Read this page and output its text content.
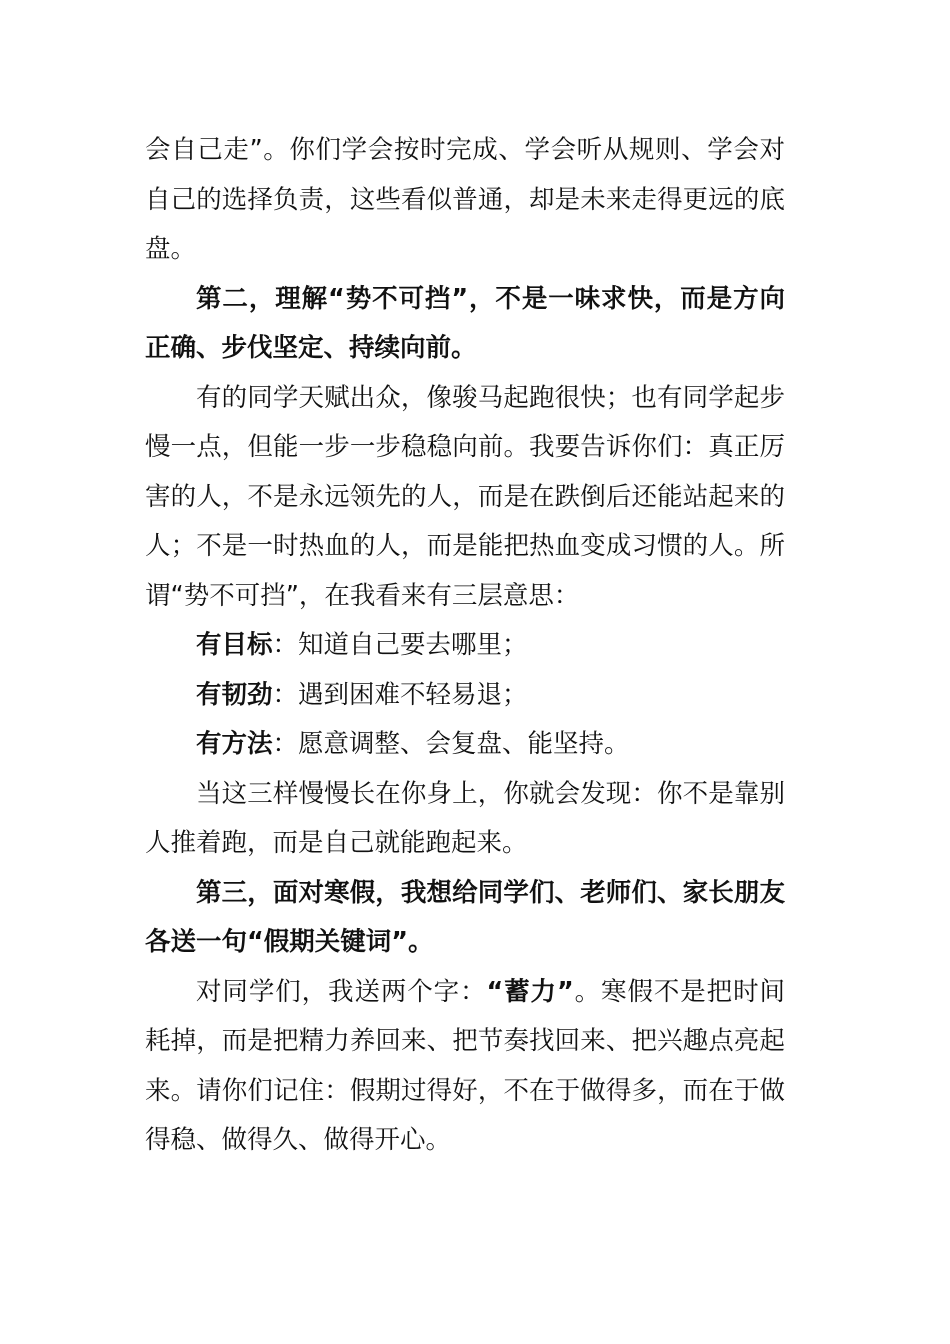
会自己走”。你们学会按时完成、学会听从规则、学会对自己的选择负责，这些看似普通，却是未来走得更远的底盘。

第二，理解“势不可挡”，不是一味求快，而是方向正确、步伐坚定、持续向前。

有的同学天赋出众，像骏马起跑很快；也有同学起步慢一点，但能一步一步稳稳向前。我要告诉你们：真正厉害的人，不是永远领先的人，而是在跌倒后还能站起来的人；不是一时热血的人，而是能把热血变成习惯的人。所谓“势不可挡”，在我看来有三层意思：

有目标：知道自己要去哪里；

有韧劲：遇到困难不轻易退；

有方法：愿意调整、会复盘、能坚持。

当这三样慢慢长在你身上，你就会发现：你不是靠别人推着跑，而是自己就能跑起来。

第三，面对寒假，我想给同学们、老师们、家长朋友各送一句“假期关键词”。

对同学们，我送两个字：“蓄力”。寒假不是把时间耗掉，而是把精力养回来、把节奏找回来、把兴趣点亮起来。请你们记住：假期过得好，不在于做得多，而在于做得稳、做得久、做得开心。
